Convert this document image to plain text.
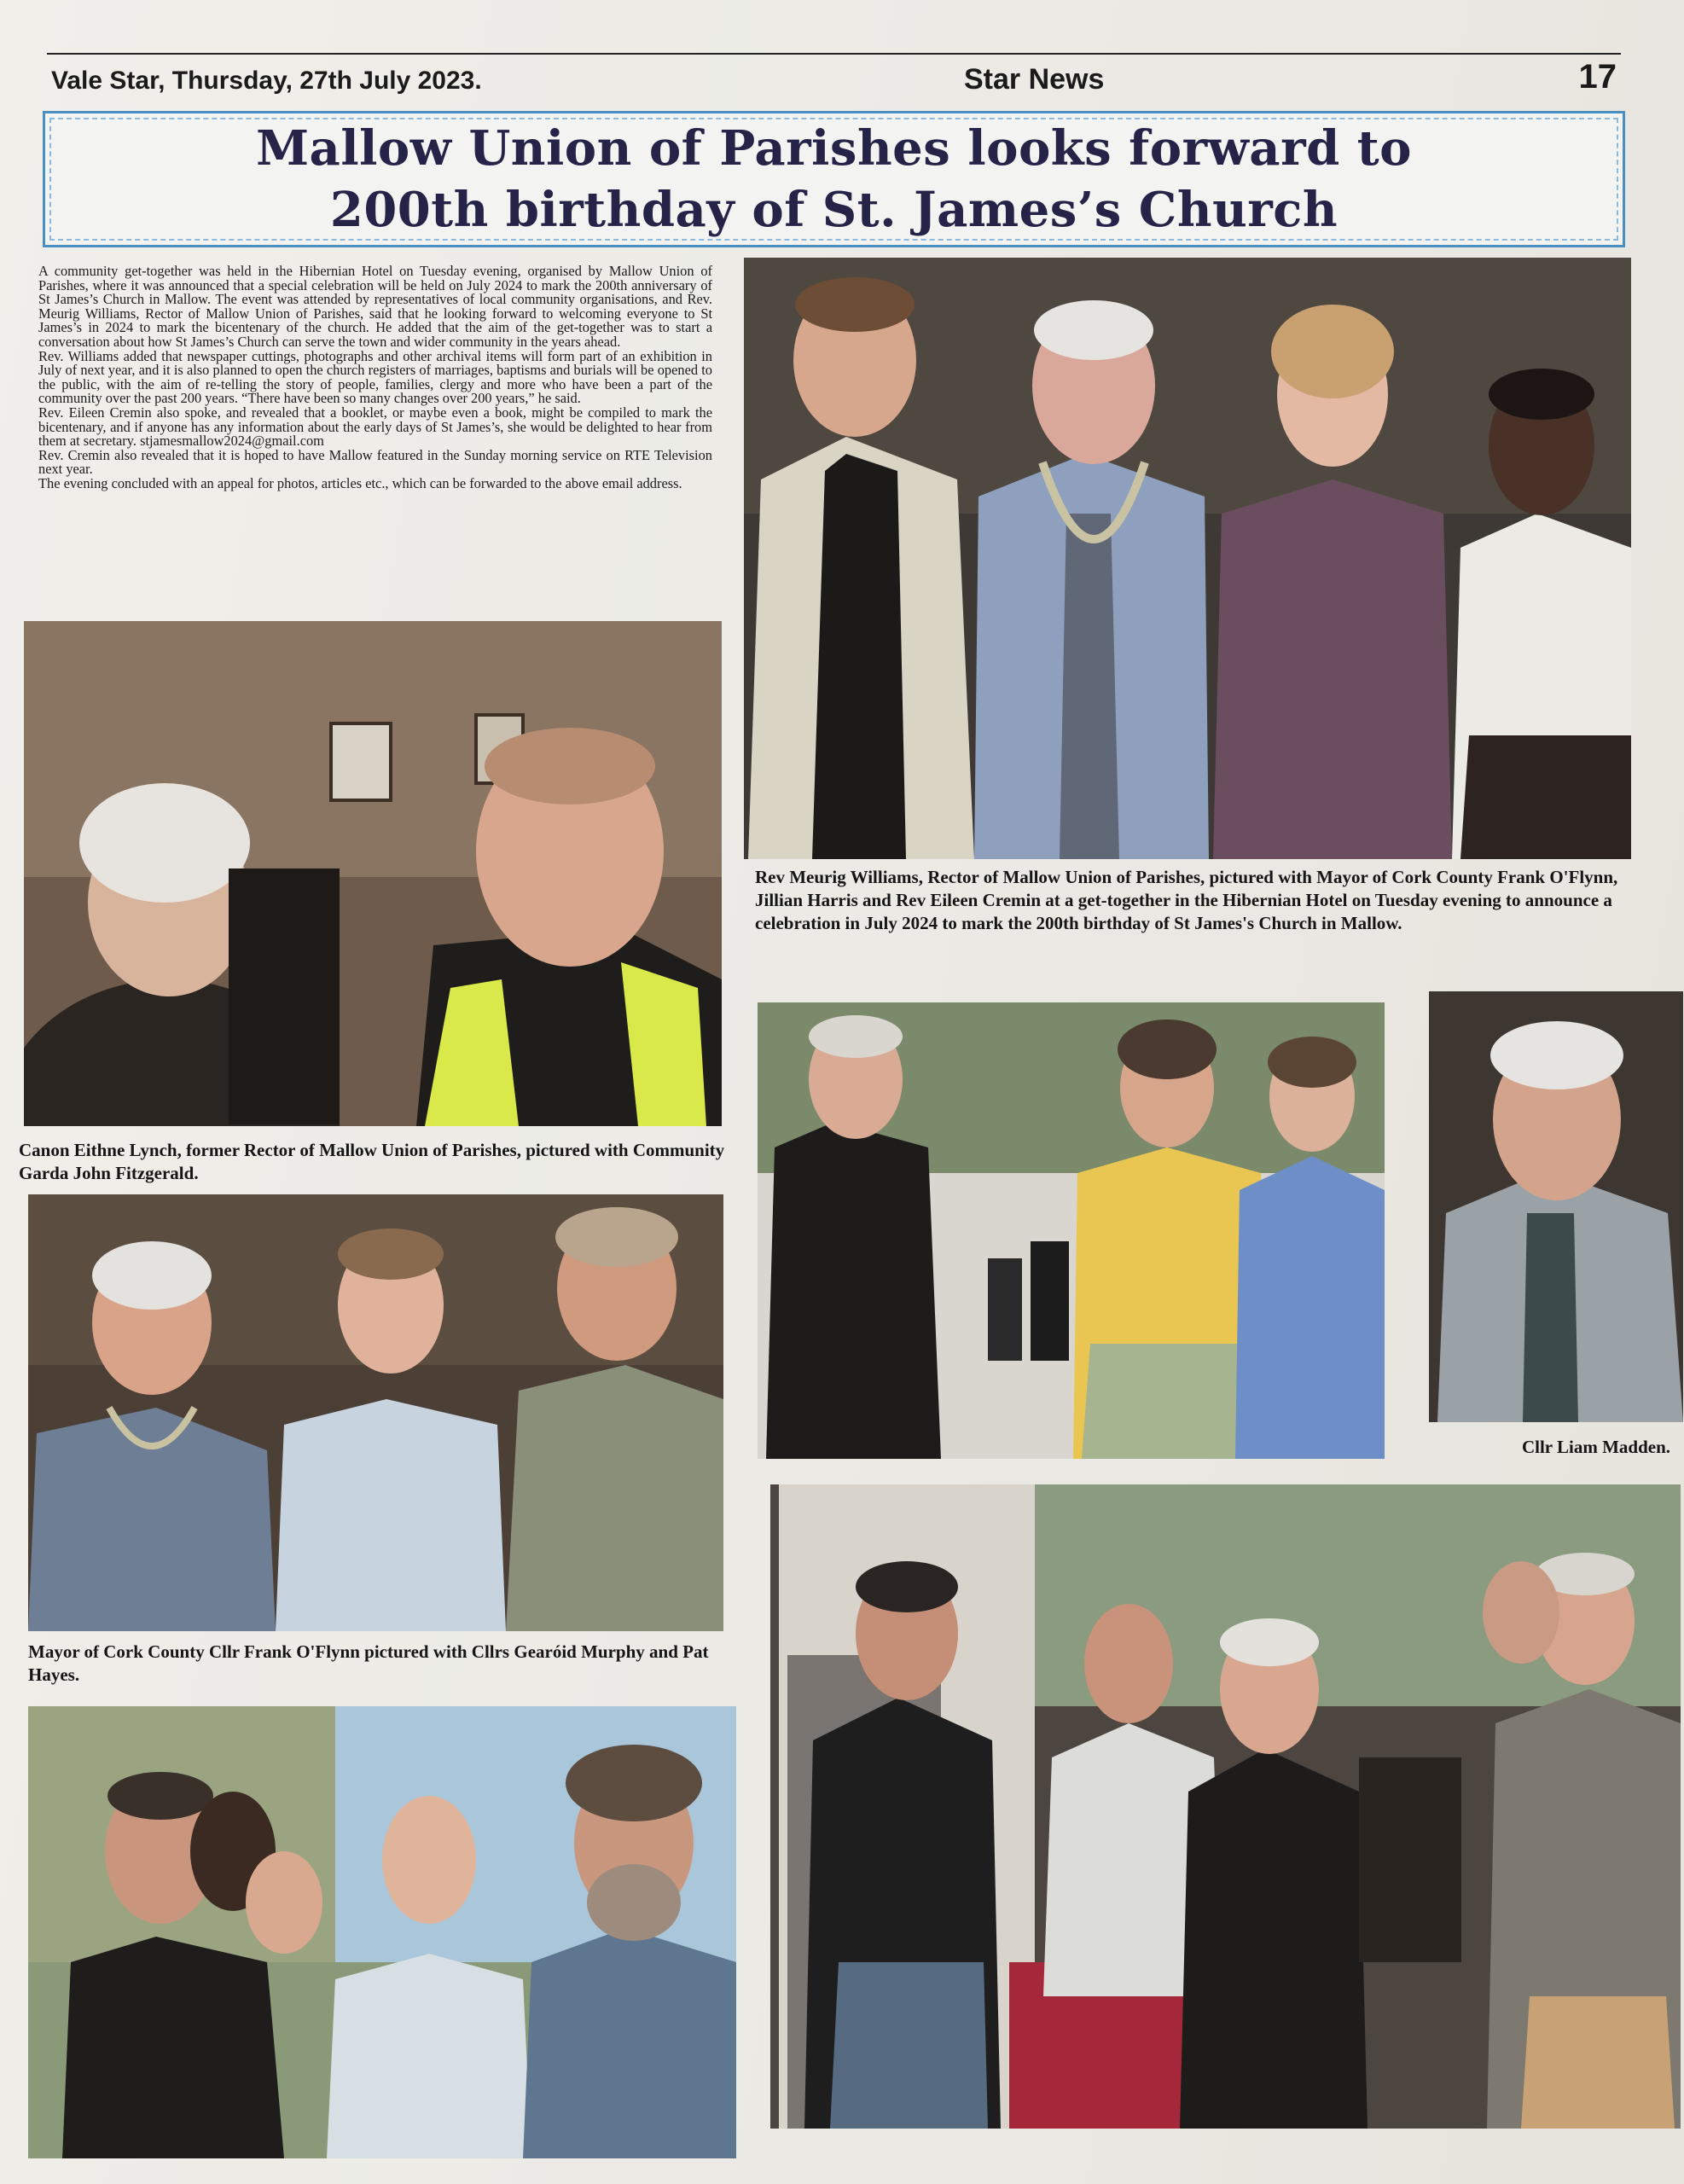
Vale Star, Thursday, 27th July 2023.	Star News	17
Mallow Union of Parishes looks forward to
200th birthday of St. James’s Church

A community get-together was held in the Hibernian Hotel on Tuesday evening, organised by Mallow Union of Parishes, where it was announced that a special celebration will be held on July 2024 to mark the 200th anniversary of St James’s Church in Mallow. The event was attended by representatives of local community organisations, and Rev. Meurig Williams, Rector of Mallow Union of Parishes, said that he looking forward to welcoming everyone to St James’s in 2024 to mark the bicentenary of the church. He added that the aim of the get-together was to start a conversation about how St James’s Church can serve the town and wider community in the years ahead.

Rev. Williams added that newspaper cuttings, photographs and other archival items will form part of an exhibition in July of next year, and it is also planned to open the church registers of marriages, baptisms and burials will be opened to the public, with the aim of re-telling the story of people, families, clergy and more who have been a part of the community over the past 200 years. “There have been so many changes over 200 years,” he said.

Rev. Eileen Cremin also spoke, and revealed that a booklet, or maybe even a book, might be compiled to mark the bicentenary, and if anyone has any information about the early days of St James’s, she would be delighted to hear from them at secretary. stjamesmallow2024@gmail.com

Rev. Cremin also revealed that it is hoped to have Mallow featured in the Sunday morning service on RTE Television next year.

The evening concluded with an appeal for photos, articles etc., which can be forwarded to the above email address.

Canon Eithne Lynch, former Rector of Mallow Union of Parishes, pictured with Community Garda John Fitzgerald.
Mayor of Cork County Cllr Frank O'Flynn pictured with Cllrs Gearóid Murphy and Pat Hayes.
Rev Meurig Williams, Rector of Mallow Union of Parishes, pictured with Mayor of Cork County Frank O'Flynn, Jillian Harris and Rev Eileen Cremin at a get-together in the Hibernian Hotel on Tuesday evening to announce a celebration in July 2024 to mark the 200th birthday of St James's Church in Mallow.
Cllr Liam Madden.
